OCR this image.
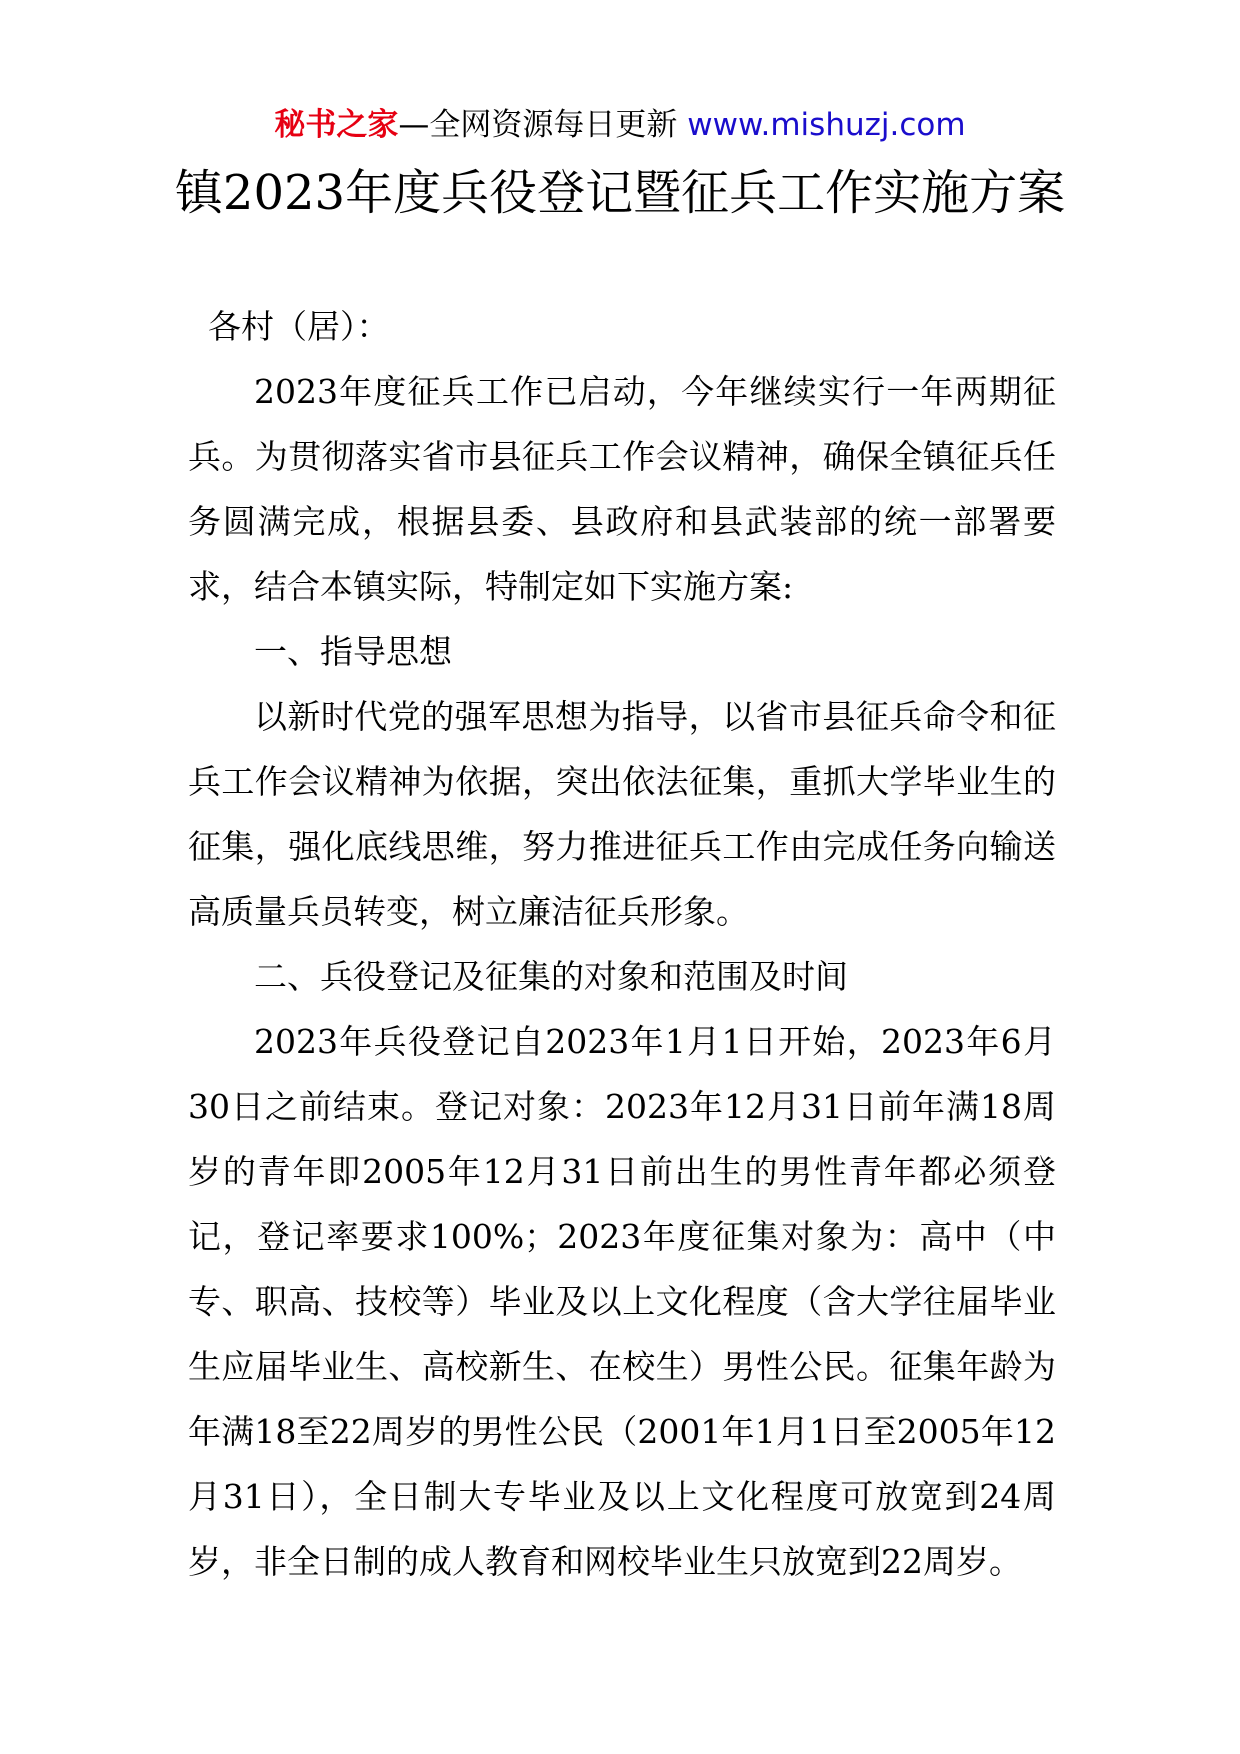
秘书之家—全网资源每日更新 www.mishuzj.com
镇2023年度兵役登记暨征兵工作实施方案

各村（居）：

2023年度征兵工作已启动，今年继续实行一年两期征兵。为贯彻落实省市县征兵工作会议精神，确保全镇征兵任务圆满完成，根据县委、县政府和县武装部的统一部署要求，结合本镇实际，特制定如下实施方案:

一、指导思想

以新时代党的强军思想为指导，以省市县征兵命令和征兵工作会议精神为依据，突出依法征集，重抓大学毕业生的征集，强化底线思维，努力推进征兵工作由完成任务向输送高质量兵员转变，树立廉洁征兵形象。

二、兵役登记及征集的对象和范围及时间

2023年兵役登记自2023年1月1日开始，2023年6月30日之前结束。登记对象：2023年12月31日前年满18周岁的青年即2005年12月31日前出生的男性青年都必须登记，登记率要求100%；2023年度征集对象为：高中（中专、职高、技校等）毕业及以上文化程度（含大学往届毕业生应届毕业生、高校新生、在校生）男性公民。征集年龄为年满18至22周岁的男性公民（2001年1月1日至2005年12月31日），全日制大专毕业及以上文化程度可放宽到24周岁，非全日制的成人教育和网校毕业生只放宽到22周岁。
